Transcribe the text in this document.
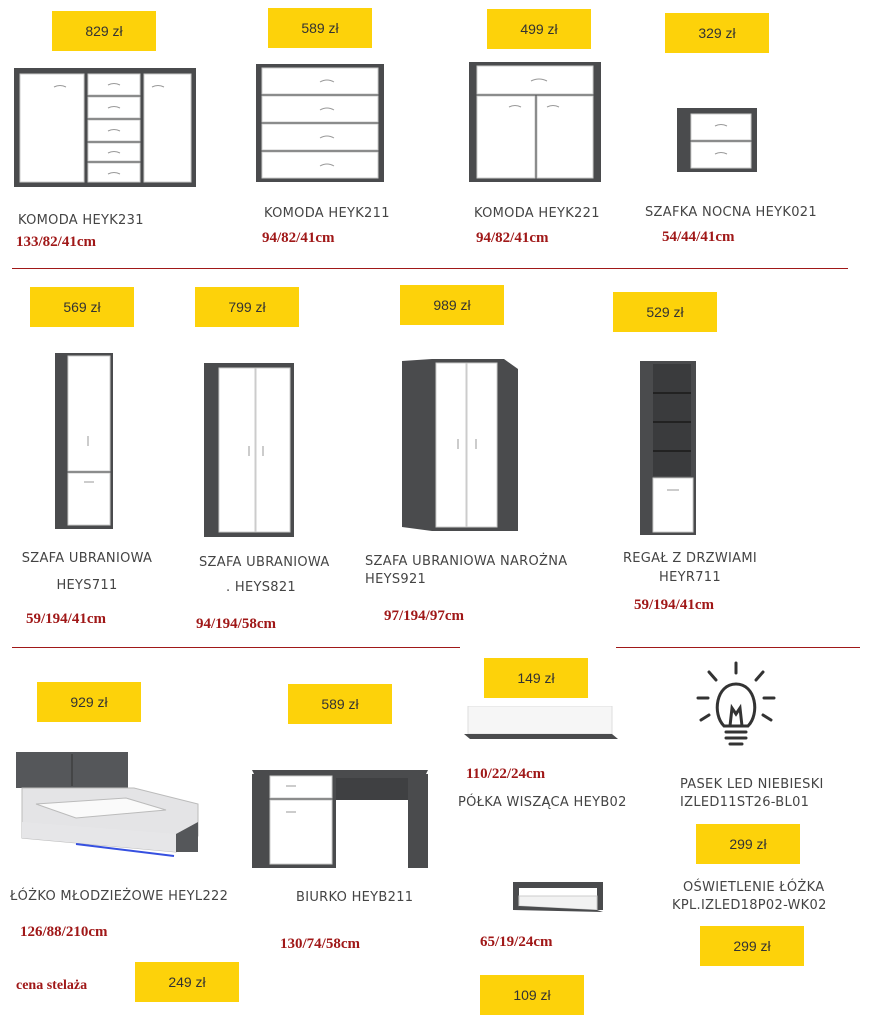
829 zł
KOMODA HEYK231
133/82/41cm
589 zł
KOMODA HEYK211
94/82/41cm
499 zł
KOMODA HEYK221
94/82/41cm
329 zł
SZAFKA NOCNA HEYK021
54/44/41cm
569 zł
SZAFA UBRANIOWA
HEYS711
59/194/41cm
799 zł
SZAFA UBRANIOWA
. HEYS821
94/194/58cm
989 zł
SZAFA UBRANIOWA NAROŻNA
HEYS921
97/194/97cm
529 zł
REGAŁ Z DRZWIAMI
HEYR711
59/194/41cm
929 zł
ŁÓŻKO MŁODZIEŻOWE HEYL222
126/88/210cm
cena stelaża	249 zł
589 zł
BIURKO HEYB211
130/74/58cm
149 zł
110/22/24cm
PÓŁKA WISZĄCA HEYB02
65/19/24cm
109 zł
PASEK LED NIEBIESKI
IZLED11ST26-BL01
299 zł
OŚWIETLENIE ŁÓŻKA
KPL.IZLED18P02-WK02
299 zł
